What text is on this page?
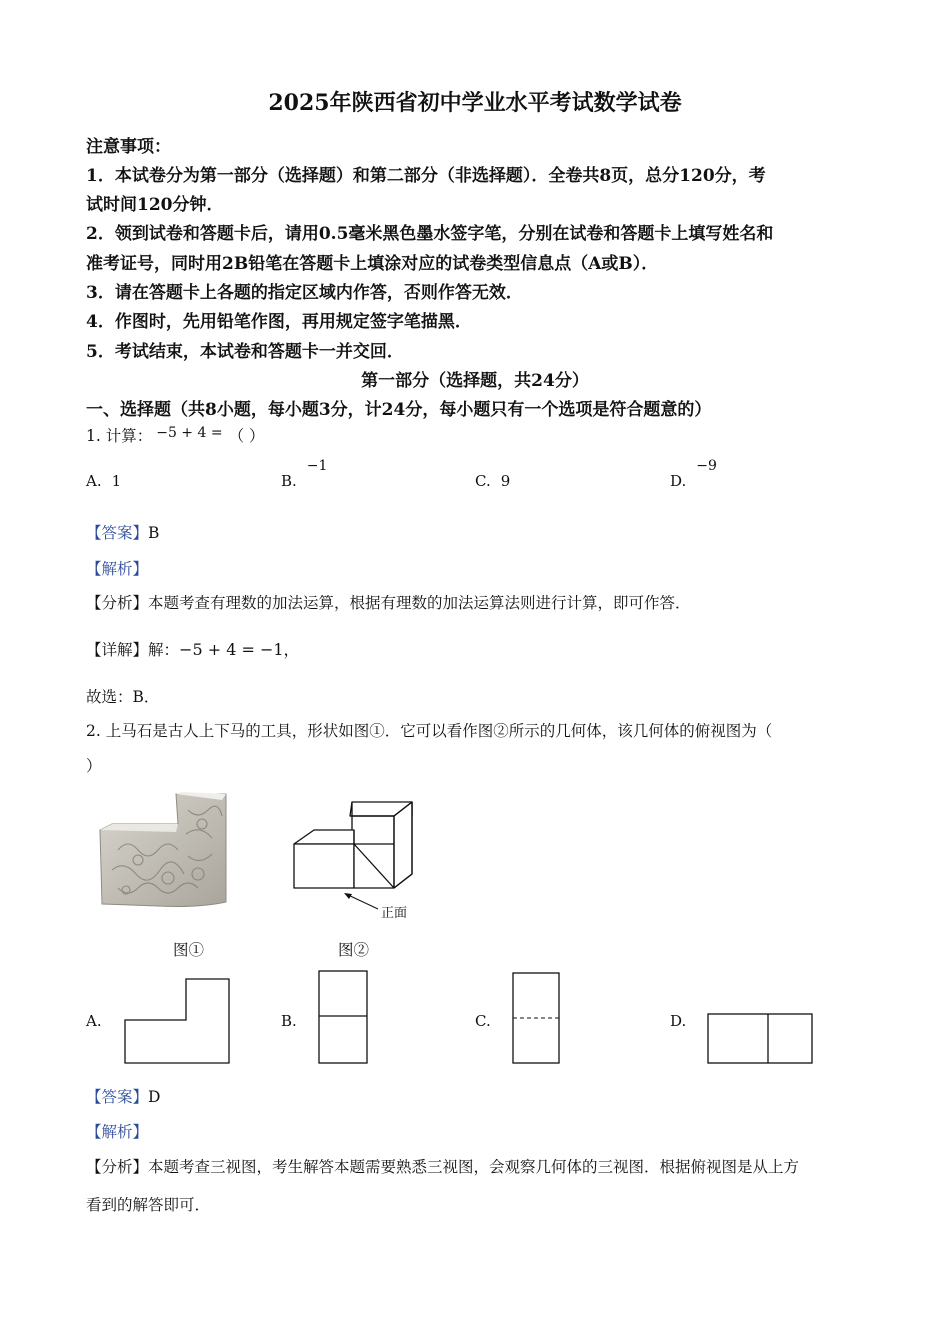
2025年陕西省初中学业水平考试数学试卷
注意事项：
1．本试卷分为第一部分（选择题）和第二部分（非选择题）．全卷共8页，总分120分，考
试时间120分钟．
2．领到试卷和答题卡后，请用0.5毫米黑色墨水签字笔，分别在试卷和答题卡上填写姓名和
准考证号，同时用2B铅笔在答题卡上填涂对应的试卷类型信息点（A或B）．
3．请在答题卡上各题的指定区域内作答，否则作答无效．
4．作图时，先用铅笔作图，再用规定签字笔描黑．
5．考试结束，本试卷和答题卡一并交回．
第一部分（选择题，共24分）
一、选择题（共8小题，每小题3分，计24分，每小题只有一个选项是符合题意的）
1. 计算： −5 + 4 = （ ）
A. 1	B.−1
C. 9	D.−9
【答案】B
【解析】
【分析】本题考查有理数的加法运算，根据有理数的加法运算法则进行计算，即可作答．
【详解】解：−5 + 4 = −1，
故选：B．
2. 上马石是古人上下马的工具，形状如图①．它可以看作图②所示的几何体，该几何体的俯视图为（
）
图①
正面
图②
A.	B.	C.	D.
【答案】D
【解析】
【分析】本题考查三视图，考生解答本题需要熟悉三视图，会观察几何体的三视图．根据俯视图是从上方
看到的解答即可．
